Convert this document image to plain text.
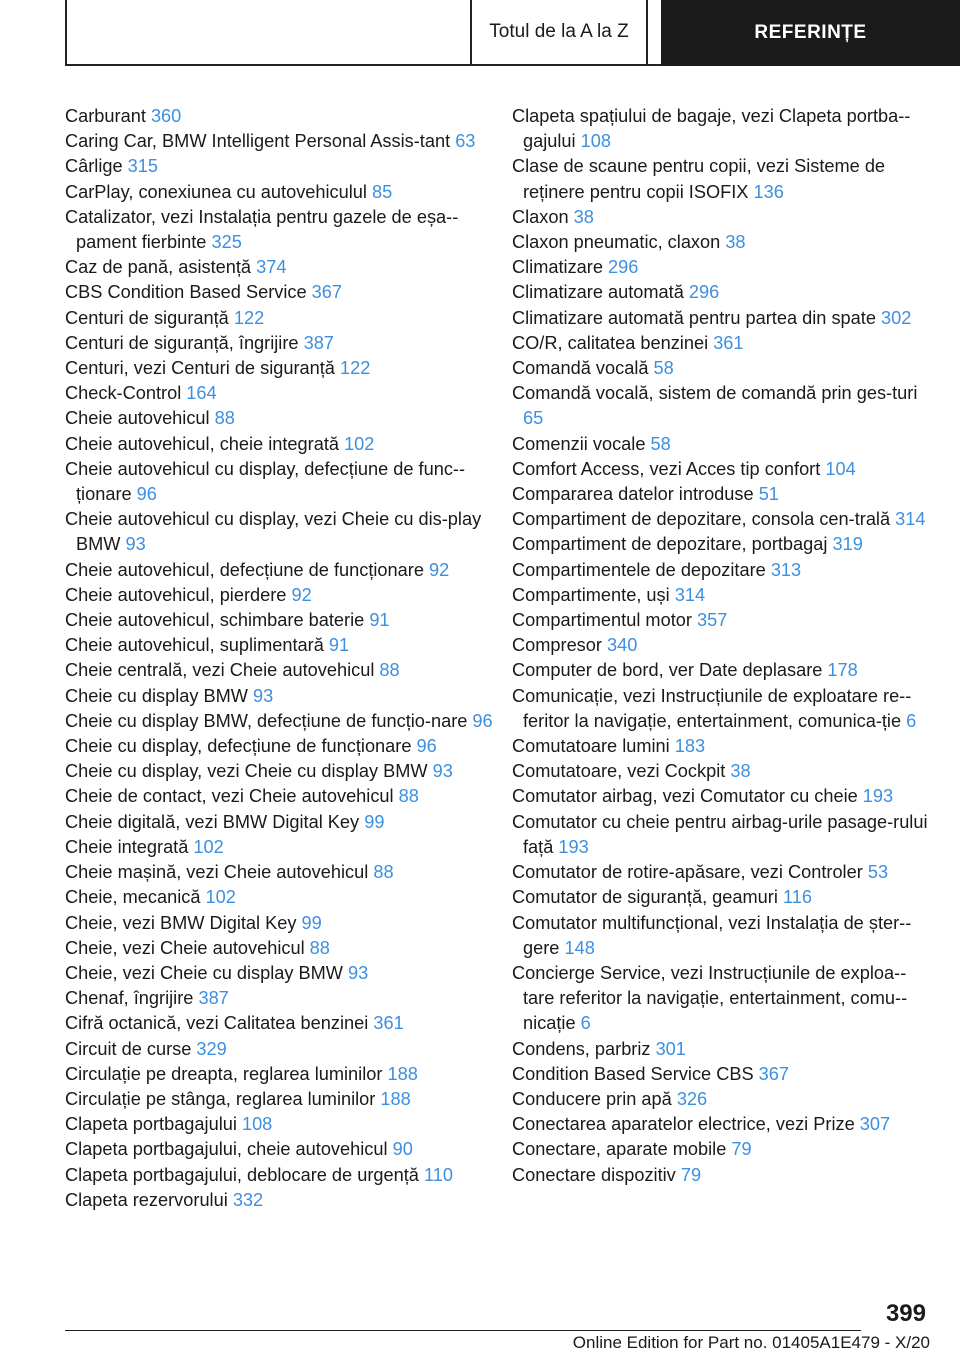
Totul de la A la Z	REFERINȚE
Carburant 360
Caring Car, BMW Intelligent Personal Assis-tant 63
Cârlige 315
CarPlay, conexiunea cu autovehiculul 85
Catalizator, vezi Instalația pentru gazele de eșa-pament fierbinte 325
Caz de pană, asistență 374
CBS Condition Based Service 367
Centuri de siguranță 122
Centuri de siguranță, îngrijire 387
Centuri, vezi Centuri de siguranță 122
Check-Control 164
Cheie autovehicul 88
Cheie autovehicul, cheie integrată 102
Cheie autovehicul cu display, defecțiune de func-ționare 96
Cheie autovehicul cu display, vezi Cheie cu dis-play BMW 93
Cheie autovehicul, defecțiune de funcționare 92
Cheie autovehicul, pierdere 92
Cheie autovehicul, schimbare baterie 91
Cheie autovehicul, suplimentară 91
Cheie centrală, vezi Cheie autovehicul 88
Cheie cu display BMW 93
Cheie cu display BMW, defecțiune de funcțio-nare 96
Cheie cu display, defecțiune de funcționare 96
Cheie cu display, vezi Cheie cu display BMW 93
Cheie de contact, vezi Cheie autovehicul 88
Cheie digitală, vezi BMW Digital Key 99
Cheie integrată 102
Cheie mașină, vezi Cheie autovehicul 88
Cheie, mecanică 102
Cheie, vezi BMW Digital Key 99
Cheie, vezi Cheie autovehicul 88
Cheie, vezi Cheie cu display BMW 93
Chenaf, îngrijire 387
Cifră octanică, vezi Calitatea benzinei 361
Circuit de curse 329
Circulație pe dreapta, reglarea luminilor 188
Circulație pe stânga, reglarea luminilor 188
Clapeta portbagajului 108
Clapeta portbagajului, cheie autovehicul 90
Clapeta portbagajului, deblocare de urgență 110
Clapeta rezervorului 332
Clapeta spațiului de bagaje, vezi Clapeta portba-gajului 108
Clase de scaune pentru copii, vezi Sisteme de reținere pentru copii ISOFIX 136
Claxon 38
Claxon pneumatic, claxon 38
Climatizare 296
Climatizare automată 296
Climatizare automată pentru partea din spate 302
CO/R, calitatea benzinei 361
Comandă vocală 58
Comandă vocală, sistem de comandă prin ges-turi 65
Comenzii vocale 58
Comfort Access, vezi Acces tip confort 104
Compararea datelor introduse 51
Compartiment de depozitare, consola cen-trală 314
Compartiment de depozitare, portbagaj 319
Compartimentele de depozitare 313
Compartimente, uși 314
Compartimentul motor 357
Compresor 340
Computer de bord, ver Date deplasare 178
Comunicație, vezi Instrucțiunile de exploatare re-feritor la navigație, entertainment, comunica-ție 6
Comutatoare lumini 183
Comutatoare, vezi Cockpit 38
Comutator airbag, vezi Comutator cu cheie 193
Comutator cu cheie pentru airbag-urile pasage-rului față 193
Comutator de rotire-apăsare, vezi Controler 53
Comutator de siguranță, geamuri 116
Comutator multifuncțional, vezi Instalația de șter-gere 148
Concierge Service, vezi Instrucțiunile de exploa-tare referitor la navigație, entertainment, comu-nicație 6
Condens, parbriz 301
Condition Based Service CBS 367
Conducere prin apă 326
Conectarea aparatelor electrice, vezi Prize 307
Conectare, aparate mobile 79
Conectare dispozitiv 79
399
Online Edition for Part no. 01405A1E479 - X/20
